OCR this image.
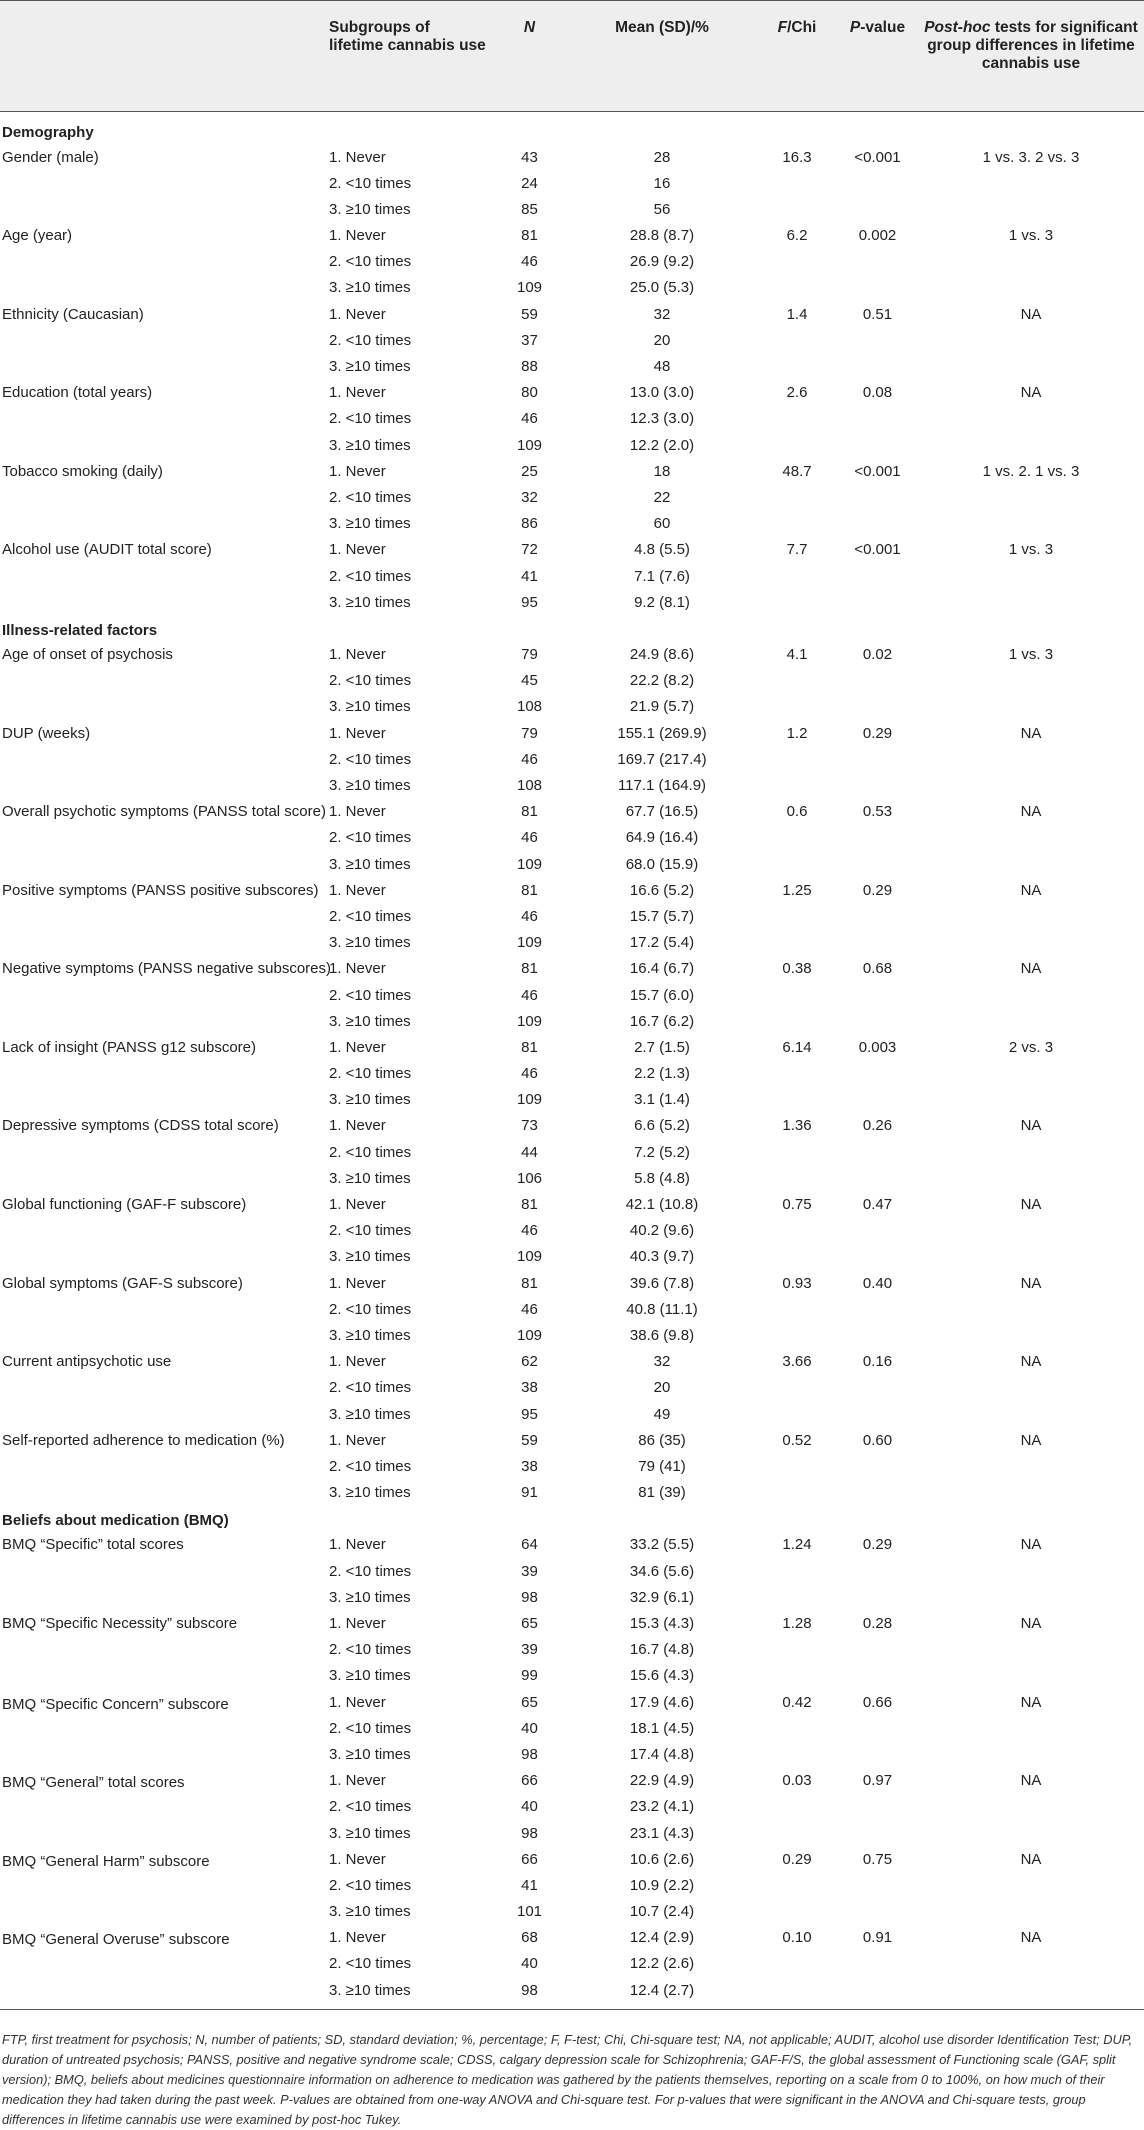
	Subgroups of lifetime cannabis use	N	Mean (SD)/%	F/Chi	P-value	Post-hoc tests for significant group differences in lifetime cannabis use
Demography						
Gender (male)	1. Never	43	28	16.3	<0.001	1 vs. 3. 2 vs. 3
	2. <10 times	24	16			
	3. ≥10 times	85	56			
Age (year)	1. Never	81	28.8 (8.7)	6.2	0.002	1 vs. 3
	2. <10 times	46	26.9 (9.2)			
	3. ≥10 times	109	25.0 (5.3)			
Ethnicity (Caucasian)	1. Never	59	32	1.4	0.51	NA
	2. <10 times	37	20			
	3. ≥10 times	88	48			
Education (total years)	1. Never	80	13.0 (3.0)	2.6	0.08	NA
	2. <10 times	46	12.3 (3.0)			
	3. ≥10 times	109	12.2 (2.0)			
Tobacco smoking (daily)	1. Never	25	18	48.7	<0.001	1 vs. 2. 1 vs. 3
	2. <10 times	32	22			
	3. ≥10 times	86	60			
Alcohol use (AUDIT total score)	1. Never	72	4.8 (5.5)	7.7	<0.001	1 vs. 3
	2. <10 times	41	7.1 (7.6)			
	3. ≥10 times	95	9.2 (8.1)			
Illness-related factors						
Age of onset of psychosis	1. Never	79	24.9 (8.6)	4.1	0.02	1 vs. 3
	2. <10 times	45	22.2 (8.2)			
	3. ≥10 times	108	21.9 (5.7)			
DUP (weeks)	1. Never	79	155.1 (269.9)	1.2	0.29	NA
	2. <10 times	46	169.7 (217.4)			
	3. ≥10 times	108	117.1 (164.9)			
Overall psychotic symptoms (PANSS total score)	1. Never	81	67.7 (16.5)	0.6	0.53	NA
	2. <10 times	46	64.9 (16.4)			
	3. ≥10 times	109	68.0 (15.9)			
Positive symptoms (PANSS positive subscores)	1. Never	81	16.6 (5.2)	1.25	0.29	NA
	2. <10 times	46	15.7 (5.7)			
	3. ≥10 times	109	17.2 (5.4)			
Negative symptoms (PANSS negative subscores)	1. Never	81	16.4 (6.7)	0.38	0.68	NA
	2. <10 times	46	15.7 (6.0)			
	3. ≥10 times	109	16.7 (6.2)			
Lack of insight (PANSS g12 subscore)	1. Never	81	2.7 (1.5)	6.14	0.003	2 vs. 3
	2. <10 times	46	2.2 (1.3)			
	3. ≥10 times	109	3.1 (1.4)			
Depressive symptoms (CDSS total score)	1. Never	73	6.6 (5.2)	1.36	0.26	NA
	2. <10 times	44	7.2 (5.2)			
	3. ≥10 times	106	5.8 (4.8)			
Global functioning (GAF-F subscore)	1. Never	81	42.1 (10.8)	0.75	0.47	NA
	2. <10 times	46	40.2 (9.6)			
	3. ≥10 times	109	40.3 (9.7)			
Global symptoms (GAF-S subscore)	1. Never	81	39.6 (7.8)	0.93	0.40	NA
	2. <10 times	46	40.8 (11.1)			
	3. ≥10 times	109	38.6 (9.8)			
Current antipsychotic use	1. Never	62	32	3.66	0.16	NA
	2. <10 times	38	20			
	3. ≥10 times	95	49			
Self-reported adherence to medication (%)	1. Never	59	86 (35)	0.52	0.60	NA
	2. <10 times	38	79 (41)			
	3. ≥10 times	91	81 (39)			
Beliefs about medication (BMQ)						
BMQ “Specific” total scores	1. Never	64	33.2 (5.5)	1.24	0.29	NA
	2. <10 times	39	34.6 (5.6)			
	3. ≥10 times	98	32.9 (6.1)			
BMQ “Specific Necessity” subscore	1. Never	65	15.3 (4.3)	1.28	0.28	NA
	2. <10 times	39	16.7 (4.8)			
	3. ≥10 times	99	15.6 (4.3)			
BMQ “Specific Concern” subscore	1. Never	65	17.9 (4.6)	0.42	0.66	NA
	2. <10 times	40	18.1 (4.5)			
	3. ≥10 times	98	17.4 (4.8)			
BMQ “General” total scores	1. Never	66	22.9 (4.9)	0.03	0.97	NA
	2. <10 times	40	23.2 (4.1)			
	3. ≥10 times	98	23.1 (4.3)			
BMQ “General Harm” subscore	1. Never	66	10.6 (2.6)	0.29	0.75	NA
	2. <10 times	41	10.9 (2.2)			
	3. ≥10 times	101	10.7 (2.4)			
BMQ “General Overuse” subscore	1. Never	68	12.4 (2.9)	0.10	0.91	NA
	2. <10 times	40	12.2 (2.6)			
	3. ≥10 times	98	12.4 (2.7)			
FTP, first treatment for psychosis; N, number of patients; SD, standard deviation; %, percentage; F, F-test; Chi, Chi-square test; NA, not applicable; AUDIT, alcohol use disorder Identification Test; DUP, duration of untreated psychosis; PANSS, positive and negative syndrome scale; CDSS, calgary depression scale for Schizophrenia; GAF-F/S, the global assessment of Functioning scale (GAF, split version); BMQ, beliefs about medicines questionnaire information on adherence to medication was gathered by the patients themselves, reporting on a scale from 0 to 100%, on how much of their medication they had taken during the past week. P-values are obtained from one-way ANOVA and Chi-square test. For p-values that were significant in the ANOVA and Chi-square tests, group differences in lifetime cannabis use were examined by post-hoc Tukey.
